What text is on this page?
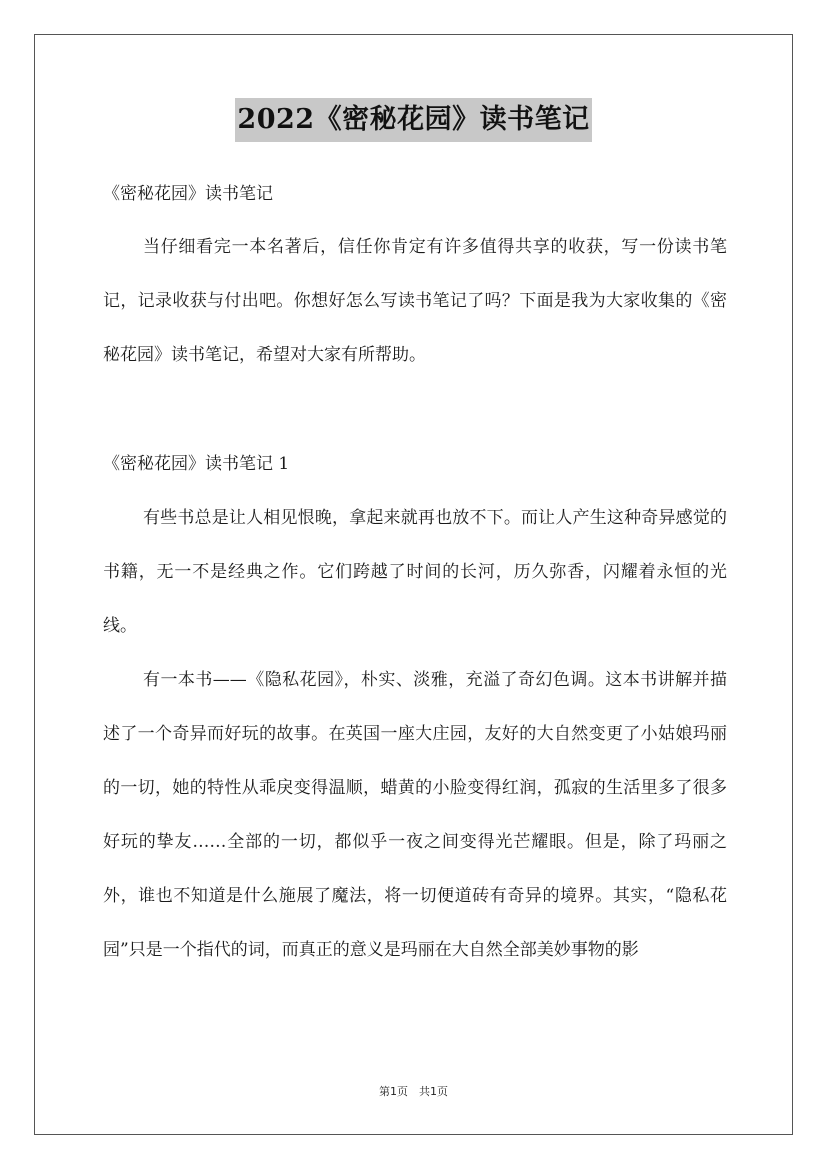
2022《密秘花园》读书笔记
《密秘花园》读书笔记

当仔细看完一本名著后，信任你肯定有许多值得共享的收获，写一份读书笔记，记录收获与付出吧。你想好怎么写读书笔记了吗？下面是我为大家收集的《密秘花园》读书笔记，希望对大家有所帮助。

《密秘花园》读书笔记 1

有些书总是让人相见恨晚，拿起来就再也放不下。而让人产生这种奇异感觉的书籍，无一不是经典之作。它们跨越了时间的长河，历久弥香，闪耀着永恒的光线。

有一本书——《隐私花园》，朴实、淡雅，充溢了奇幻色调。这本书讲解并描述了一个奇异而好玩的故事。在英国一座大庄园，友好的大自然变更了小姑娘玛丽的一切，她的特性从乖戾变得温顺，蜡黄的小脸变得红润，孤寂的生活里多了很多好玩的挚友……全部的一切，都似乎一夜之间变得光芒耀眼。但是，除了玛丽之外，谁也不知道是什么施展了魔法，将一切便道砖有奇异的境界。其实，“隐私花园”只是一个指代的词，而真正的意义是玛丽在大自然全部美妙事物的影

第1页　共1页
